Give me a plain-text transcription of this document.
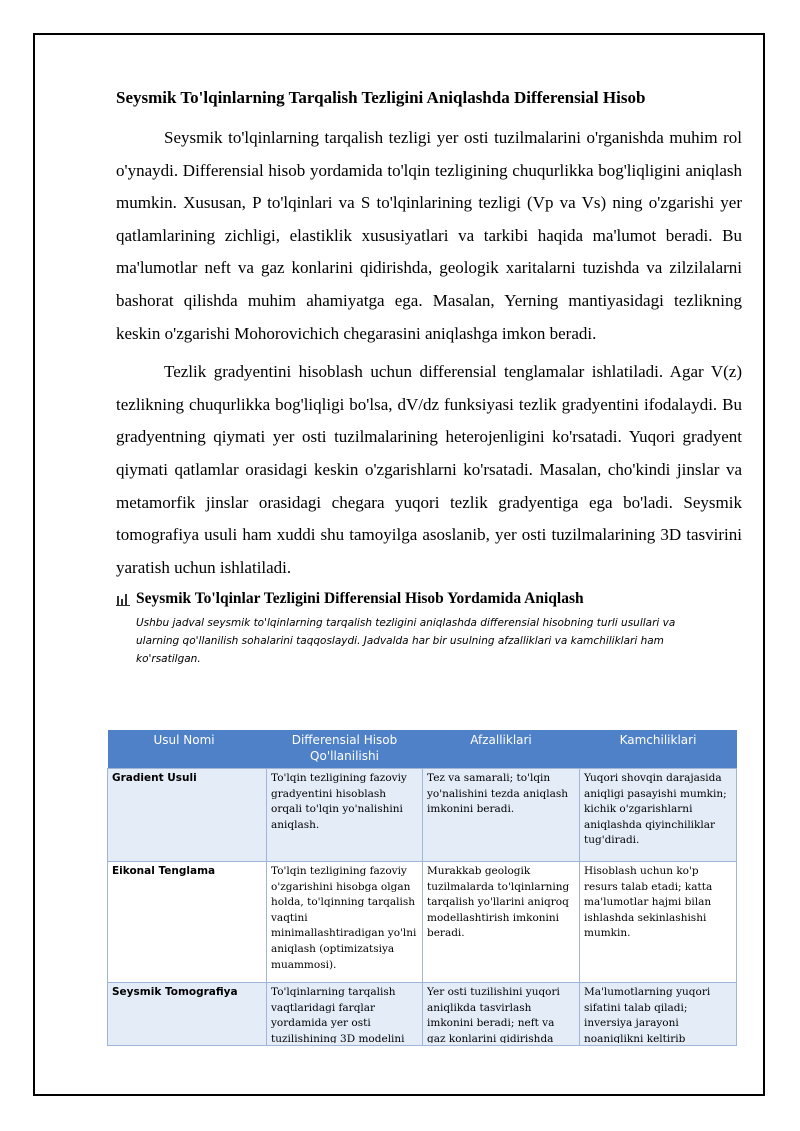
Seysmik To'lqinlarning Tarqalish Tezligini Aniqlashda Differensial Hisob

Seysmik to'lqinlarning tarqalish tezligi yer osti tuzilmalarini o'rganishda muhim rol o'ynaydi. Differensial hisob yordamida to'lqin tezligining chuqurlikka bog'liqligini aniqlash mumkin. Xususan, P to'lqinlari va S to'lqinlarining tezligi (Vp va Vs) ning o'zgarishi yer qatlamlarining zichligi, elastiklik xususiyatlari va tarkibi haqida ma'lumot beradi. Bu ma'lumotlar neft va gaz konlarini qidirishda, geologik xaritalarni tuzishda va zilzilalarni bashorat qilishda muhim ahamiyatga ega. Masalan, Yerning mantiyasidagi tezlikning keskin o'zgarishi Mohorovichich chegarasini aniqlashga imkon beradi.

Tezlik gradyentini hisoblash uchun differensial tenglamalar ishlatiladi. Agar V(z) tezlikning chuqurlikka bog'liqligi bo'lsa, dV/dz funksiyasi tezlik gradyentini ifodalaydi. Bu gradyentning qiymati yer osti tuzilmalarining heterojenligini ko'rsatadi. Yuqori gradyent qiymati qatlamlar orasidagi keskin o'zgarishlarni ko'rsatadi. Masalan, cho'kindi jinslar va metamorfik jinslar orasidagi chegara yuqori tezlik gradyentiga ega bo'ladi. Seysmik tomografiya usuli ham xuddi shu tamoyilga asoslanib, yer osti tuzilmalarining 3D tasvirini yaratish uchun ishlatiladi.

Seysmik To'lqinlar Tezligini Differensial Hisob Yordamida Aniqlash
Ushbu jadval seysmik to'lqinlarning tarqalish tezligini aniqlashda differensial hisobning turli usullari va ularning qo'llanilish sohalarini taqqoslaydi. Jadvalda har bir usulning afzalliklari va kamchiliklari ham ko'rsatilgan.
Usul Nomi	Differensial Hisob Qo'llanilishi	Afzalliklari	Kamchiliklari
Gradient Usuli	To'lqin tezligining fazoviy gradyentini hisoblash orqali to'lqin yo'nalishini aniqlash.	Tez va samarali; to'lqin yo'nalishini tezda aniqlash imkonini beradi.	Yuqori shovqin darajasida aniqligi pasayishi mumkin; kichik o'zgarishlarni aniqlashda qiyinchiliklar tug'diradi.
Eikonal Tenglama	To'lqin tezligining fazoviy o'zgarishini hisobga olgan holda, to'lqinning tarqalish vaqtini minimallashtiradigan yo'lni aniqlash (optimizatsiya muammosi).	Murakkab geologik tuzilmalarda to'lqinlarning tarqalish yo'llarini aniqroq modellashtirish imkonini beradi.	Hisoblash uchun ko'p resurs talab etadi; katta ma'lumotlar hajmi bilan ishlashda sekinlashishi mumkin.

Seysmik Tomografiya	To'lqinlarning tarqalish vaqtlaridagi farqlar yordamida yer osti tuzilishining 3D modelini	Yer osti tuzilishini yuqori aniqlikda tasvirlash imkonini beradi; neft va gaz konlarini qidirishda	Ma'lumotlarning yuqori sifatini talab qiladi; inversiya jarayoni noaniqlikni keltirib
